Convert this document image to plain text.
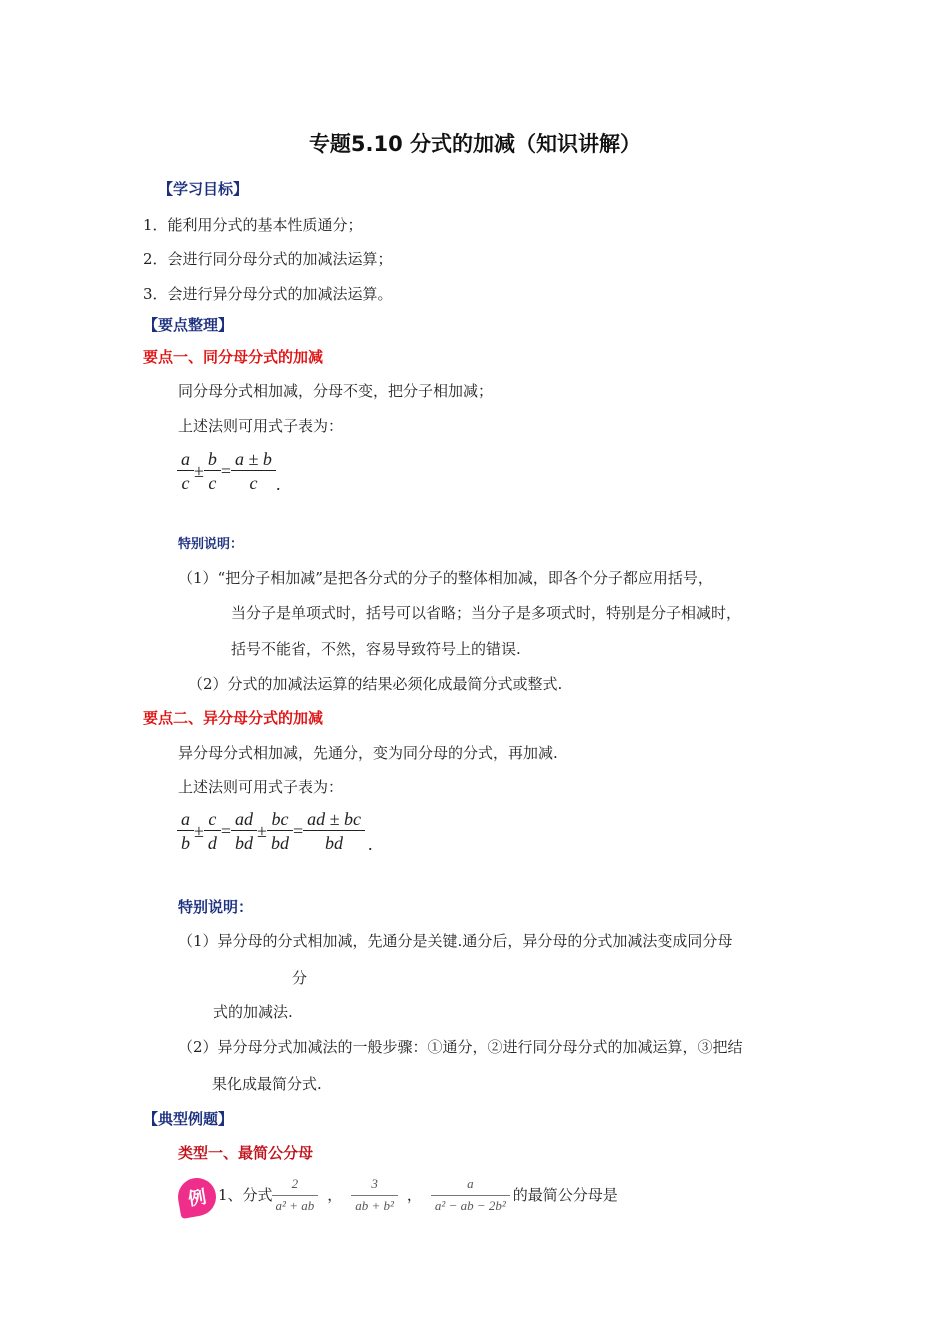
专题5.10 分式的加减（知识讲解）
【学习目标】
1．能利用分式的基本性质通分；
2．会进行同分母分式的加减法运算；
3．会进行异分母分式的加减法运算。
【要点整理】
要点一、同分母分式的加减
同分母分式相加减，分母不变，把分子相加减；
上述法则可用式子表为：
$\frac{a}{c} \pm \frac{b}{c} = \frac{a \pm b}{c}$ .
特别说明：
（1）“把分子相加减”是把各分式的分子的整体相加减，即各个分子都应用括号，
当分子是单项式时，括号可以省略；当分子是多项式时，特别是分子相减时，
括号不能省，不然，容易导致符号上的错误.
（2）分式的加减法运算的结果必须化成最简分式或整式.
要点二、异分母分式的加减
异分母分式相加减，先通分，变为同分母的分式，再加减.
上述法则可用式子表为：
$\frac{a}{b} \pm \frac{c}{d} = \frac{ad}{bd} \pm \frac{bc}{bd} = \frac{ad \pm bc}{bd}$ .
特别说明：
（1）异分母的分式相加减，先通分是关键.通分后，异分母的分式加减法变成同分母
分
式的加减法.
（2）异分母分式加减法的一般步骤：①通分，②进行同分母分式的加减运算，③把结
果化成最简分式.
【典型例题】
类型一、最简公分母
例 1、分式 $\frac{2}{\text{a² + ab}}$ ， $\frac{3}{\text{ab + b²}}$ ， $\frac{a}{\text{a² − ab − 2b²}}$ 的最简公分母是
